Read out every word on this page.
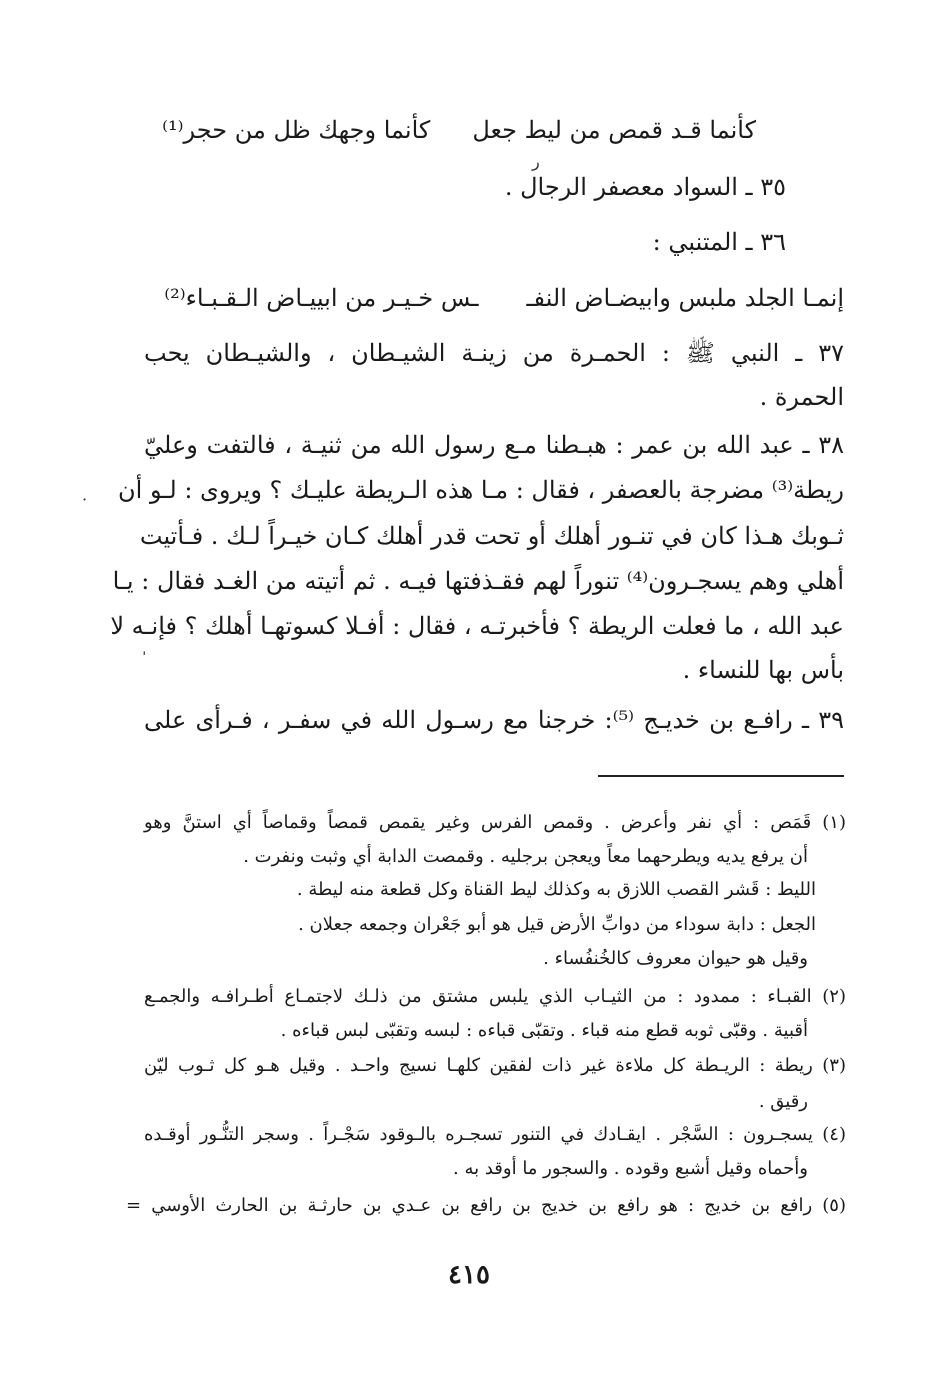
كأنما قـد قمص من ليط جعل
كأنما وجهك ظل من حجر⁽¹⁾
٣٥ ـ السواد معصفر الرجال .
٣٦ ـ المتنبي :
إنمـا الجلد ملبس وابيضـاض النفـ
ـس خـيـر من ابييـاض الـقـبـاء⁽²⁾
٣٧ ـ النبي ﷺ : الحمـرة من زينـة الشيـطان ، والشيـطان يحب
الحمرة .
٣٨ ـ عبد الله بن عمر : هبـطنا مـع رسول الله من ثنيـة ، فالتفت وعليّ
ريطة⁽³⁾ مضرجة بالعصفر ، فقال : مـا هذه الـريطة عليـك ؟ ويروى : لـو أن
ثـوبك هـذا كان في تنـور أهلك أو تحت قدر أهلك كـان خيـراً لـك . فـأتيت
أهلي وهم يسجـرون⁽⁴⁾ تنوراً لهم فقـذفتها فيـه . ثم أتيته من الغـد فقال : يـا
عبد الله ، ما فعلت الريطة ؟ فأخبرتـه ، فقال : أفـلا كسوتهـا أهلك ؟ فإنـه لا
بأس بها للنساء .
٣٩ ـ رافـع بن خديـج ⁽⁵⁾: خرجنا مع رسـول الله في سفـر ، فـرأى على
(١) قَمَص : أي نفر وأعرض . وقمص الفرس وغير يقمص قمصاً وقماصاً أي استنَّ وهو
أن يرفع يديه ويطرحهما معاً ويعجن برجليه . وقمصت الدابة أي وثبت ونفرت .
الليط : قَشر القصب اللازق به وكذلك ليط القناة وكل قطعة منه ليطة .
الجعل : دابة سوداء من دوابِّ الأرض قيل هو أبو جَعْران وجمعه جعلان .
وقيل هو حيوان معروف كالخُنفُساء .
(٢) القبـاء : ممدود : من الثيـاب الذي يلبس مشتق من ذلـك لاجتمـاع أطـرافـه والجمـع
أقبية . وقبّى ثوبه قطع منه قباء . وتقبّى قباءه : لبسه وتقبّى لبس قباءه .
(٣) ريطة : الريـطة كل ملاءة غير ذات لفقين كلهـا نسيج واحـد . وقيل هـو كل ثـوب ليّن
رقيق .
(٤) يسجـرون : السَّجْر . ايقـادك في التنور تسجـره بالـوقود سَجْـراً . وسجر التنُّـور أوقـده
وأحماه وقيل أشبع وقوده . والسجور ما أوقد به .
(٥) رافع بن خديج : هو رافع بن خديج بن رافع بن عـدي بن حارثـة بن الحارث الأوسي =
٤١٥
ر
·
ˌ
